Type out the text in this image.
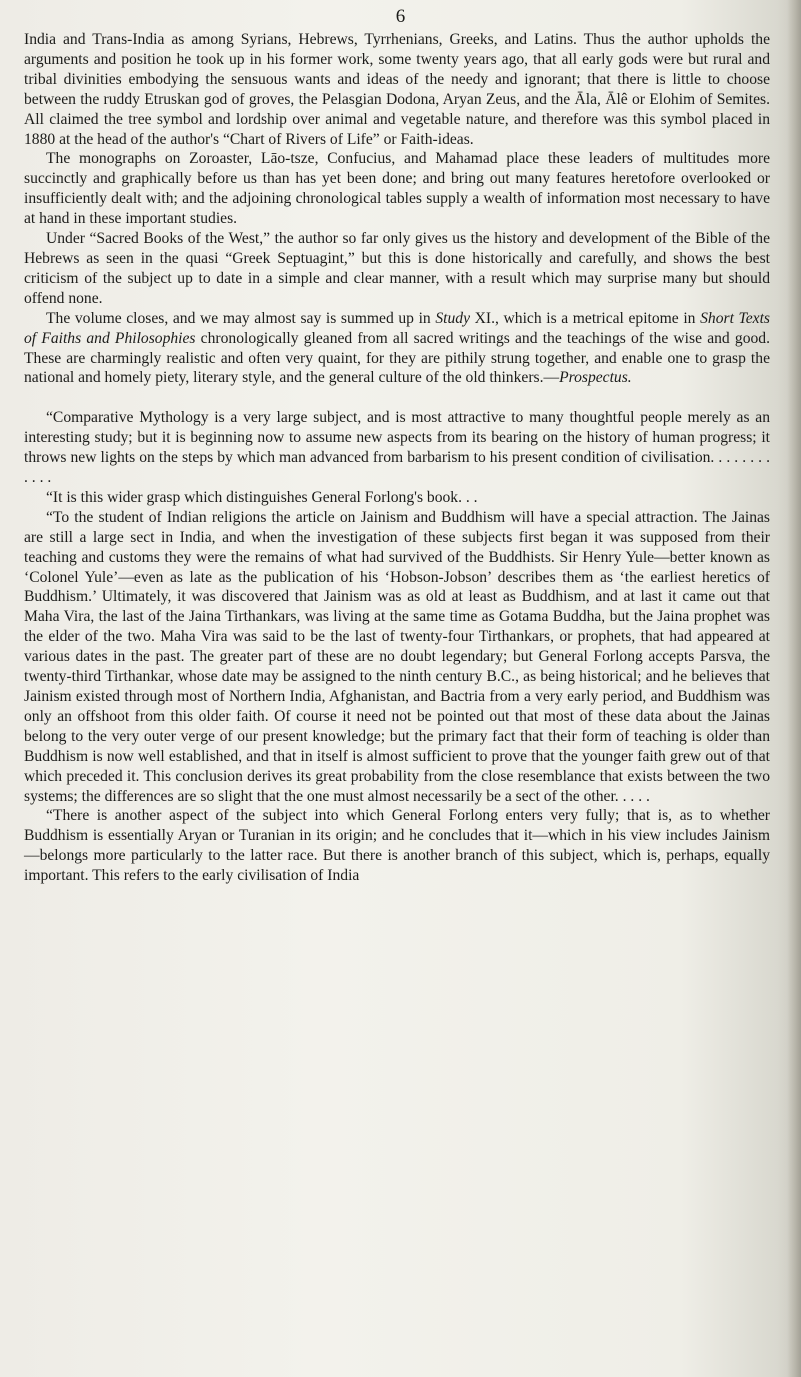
6

India and Trans-India as among Syrians, Hebrews, Tyrrhenians, Greeks, and Latins. Thus the author upholds the arguments and position he took up in his former work, some twenty years ago, that all early gods were but rural and tribal divinities embodying the sensuous wants and ideas of the needy and ignorant; that there is little to choose between the ruddy Etruskan god of groves, the Pelasgian Dodona, Aryan Zeus, and the Āla, Ālê or Elohim of Semites. All claimed the tree symbol and lordship over animal and vegetable nature, and therefore was this symbol placed in 1880 at the head of the author's “Chart of Rivers of Life” or Faith-ideas.

The monographs on Zoroaster, Lāo-tsze, Confucius, and Mahamad place these leaders of multitudes more succinctly and graphically before us than has yet been done; and bring out many features heretofore overlooked or insufficiently dealt with; and the adjoining chronological tables supply a wealth of information most necessary to have at hand in these important studies.

Under “Sacred Books of the West,” the author so far only gives us the history and development of the Bible of the Hebrews as seen in the quasi “Greek Septuagint,” but this is done historically and carefully, and shows the best criticism of the subject up to date in a simple and clear manner, with a result which may surprise many but should offend none.

The volume closes, and we may almost say is summed up in Study XI., which is a metrical epitome in Short Texts of Faiths and Philosophies chronologically gleaned from all sacred writings and the teachings of the wise and good. These are charmingly realistic and often very quaint, for they are pithily strung together, and enable one to grasp the national and homely piety, literary style, and the general culture of the old thinkers.—Prospectus.

“Comparative Mythology is a very large subject, and is most attractive to many thoughtful people merely as an interesting study; but it is beginning now to assume new aspects from its bearing on the history of human progress; it throws new lights on the steps by which man advanced from barbarism to his present condition of civilisation. . . . . . . . . . . .

“It is this wider grasp which distinguishes General Forlong's book. . .

“To the student of Indian religions the article on Jainism and Buddhism will have a special attraction. The Jainas are still a large sect in India, and when the investigation of these subjects first began it was supposed from their teaching and customs they were the remains of what had survived of the Buddhists. Sir Henry Yule—better known as ‘Colonel Yule’—even as late as the publication of his ‘Hobson-Jobson’ describes them as ‘the earliest heretics of Buddhism.’ Ultimately, it was discovered that Jainism was as old at least as Buddhism, and at last it came out that Maha Vira, the last of the Jaina Tirthankars, was living at the same time as Gotama Buddha, but the Jaina prophet was the elder of the two. Maha Vira was said to be the last of twenty-four Tirthankars, or prophets, that had appeared at various dates in the past. The greater part of these are no doubt legendary; but General Forlong accepts Parsva, the twenty-third Tirthankar, whose date may be assigned to the ninth century B.C., as being historical; and he believes that Jainism existed through most of Northern India, Afghanistan, and Bactria from a very early period, and Buddhism was only an offshoot from this older faith. Of course it need not be pointed out that most of these data about the Jainas belong to the very outer verge of our present knowledge; but the primary fact that their form of teaching is older than Buddhism is now well established, and that in itself is almost sufficient to prove that the younger faith grew out of that which preceded it. This conclusion derives its great probability from the close resemblance that exists between the two systems; the differences are so slight that the one must almost necessarily be a sect of the other. . . . .

“There is another aspect of the subject into which General Forlong enters very fully; that is, as to whether Buddhism is essentially Aryan or Turanian in its origin; and he concludes that it—which in his view includes Jainism—belongs more particularly to the latter race. But there is another branch of this subject, which is, perhaps, equally important. This refers to the early civilisation of India
